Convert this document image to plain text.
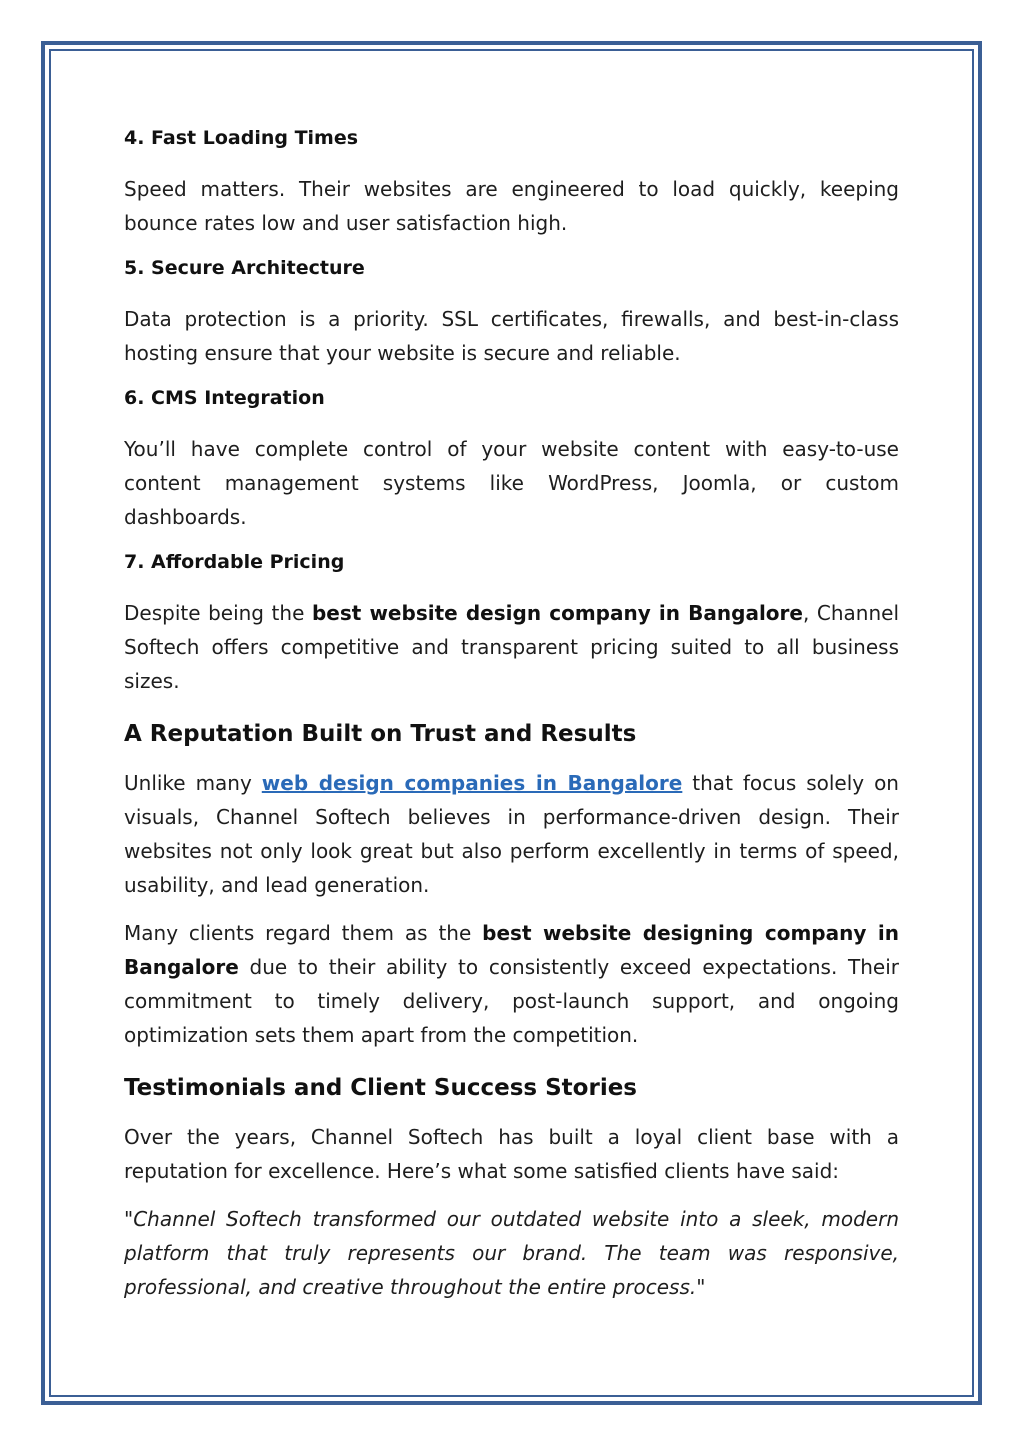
4. Fast Loading Times
Speed matters. Their websites are engineered to load quickly, keeping bounce rates low and user satisfaction high.
5. Secure Architecture
Data protection is a priority. SSL certificates, firewalls, and best-in-class hosting ensure that your website is secure and reliable.
6. CMS Integration
You’ll have complete control of your website content with easy-to-use content management systems like WordPress, Joomla, or custom dashboards.
7. Affordable Pricing
Despite being the best website design company in Bangalore, Channel Softech offers competitive and transparent pricing suited to all business sizes.
A Reputation Built on Trust and Results
Unlike many web design companies in Bangalore that focus solely on visuals, Channel Softech believes in performance-driven design. Their websites not only look great but also perform excellently in terms of speed, usability, and lead generation.
Many clients regard them as the best website designing company in Bangalore due to their ability to consistently exceed expectations. Their commitment to timely delivery, post-launch support, and ongoing optimization sets them apart from the competition.
Testimonials and Client Success Stories
Over the years, Channel Softech has built a loyal client base with a reputation for excellence. Here’s what some satisfied clients have said:
"Channel Softech transformed our outdated website into a sleek, modern platform that truly represents our brand. The team was responsive, professional, and creative throughout the entire process."
